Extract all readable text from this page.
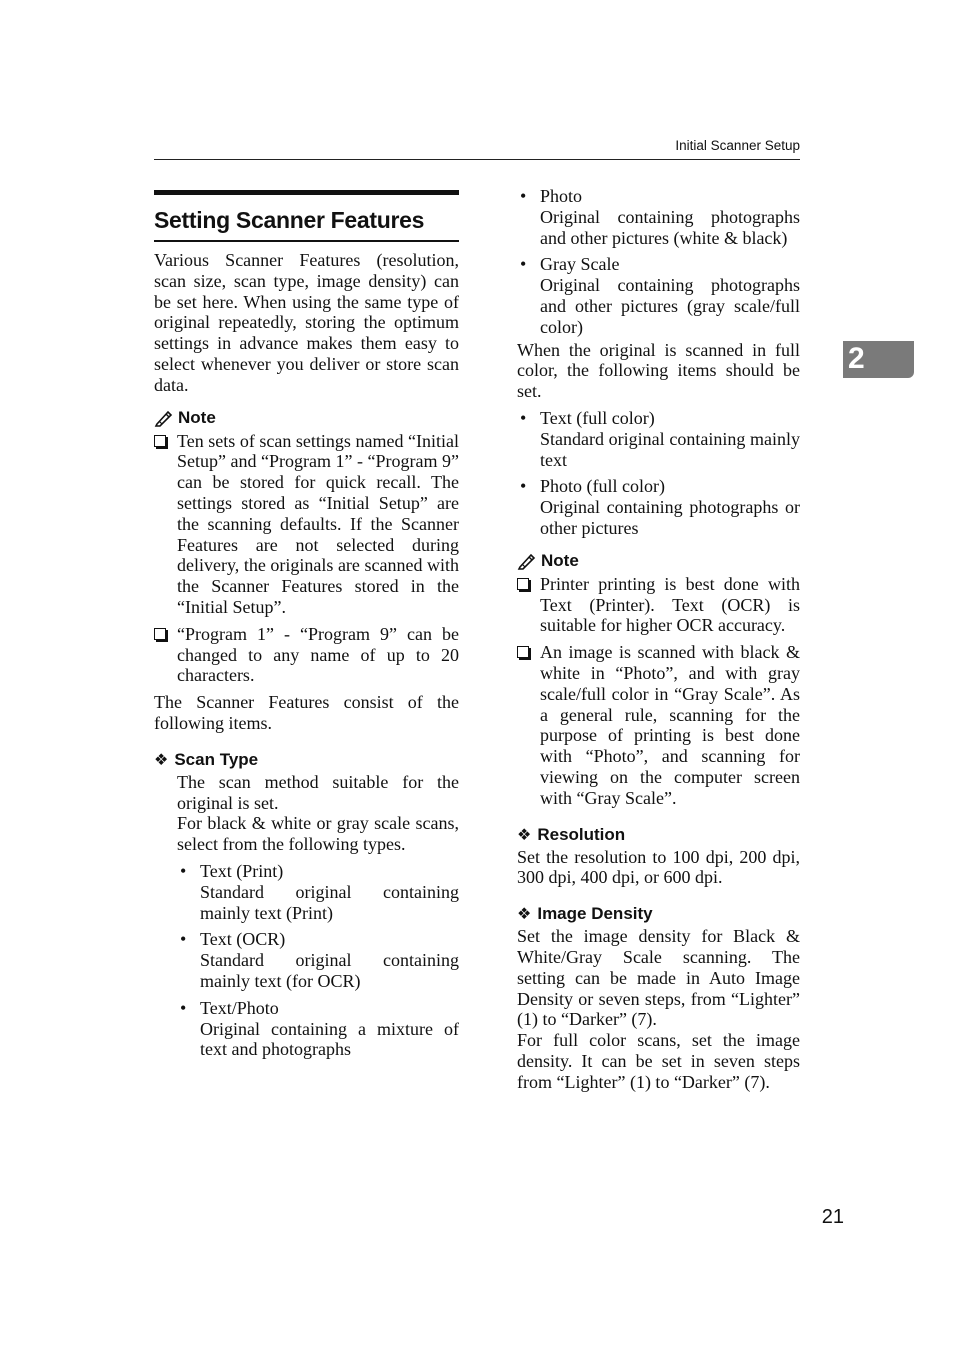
Initial Scanner Setup
2
Setting Scanner Features

Various Scanner Features (resolution, scan size, scan type, image density) can be set here. When using the same type of original repeatedly, storing the optimum settings in advance makes them easy to select whenever you deliver or store scan data.

Note
Ten sets of scan settings named “Initial Setup” and “Program 1” - “Program 9” can be stored for quick recall. The settings stored as “Initial Setup” are the scanning defaults. If the Scanner Features are not selected during delivery, the originals are scanned with the Scanner Features stored in the “Initial Setup”.
“Program 1” - “Program 9” can be changed to any name of up to 20 characters.

The Scanner Features consist of the following items.

❖ Scan Type

The scan method suitable for the original is set.

For black & white or gray scale scans, select from the following types.

• Text (Print)
Standard original containing mainly text (Print)
• Text (OCR)
Standard original containing mainly text (for OCR)
• Text/Photo
Original containing a mixture of text and photographs
• Photo
Original containing photographs and other pictures (white & black)
• Gray Scale
Original containing photographs and other pictures (gray scale/full color)

When the original is scanned in full color, the following items should be set.

• Text (full color)
Standard original containing mainly text
• Photo (full color)
Original containing photographs or other pictures
Note
Printer printing is best done with Text (Printer). Text (OCR) is suitable for higher OCR accuracy.
An image is scanned with black & white in “Photo”, and with gray scale/full color in “Gray Scale”. As a general rule, scanning for the purpose of printing is best done with “Photo”, and scanning for viewing on the computer screen with “Gray Scale”.
❖ Resolution

Set the resolution to 100 dpi, 200 dpi, 300 dpi, 400 dpi, or 600 dpi.

❖ Image Density

Set the image density for Black & White/Gray Scale scanning. The setting can be made in Auto Image Density or seven steps, from “Lighter” (1) to “Darker” (7).

For full color scans, set the image density. It can be set in seven steps from “Lighter” (1) to “Darker” (7).

21
